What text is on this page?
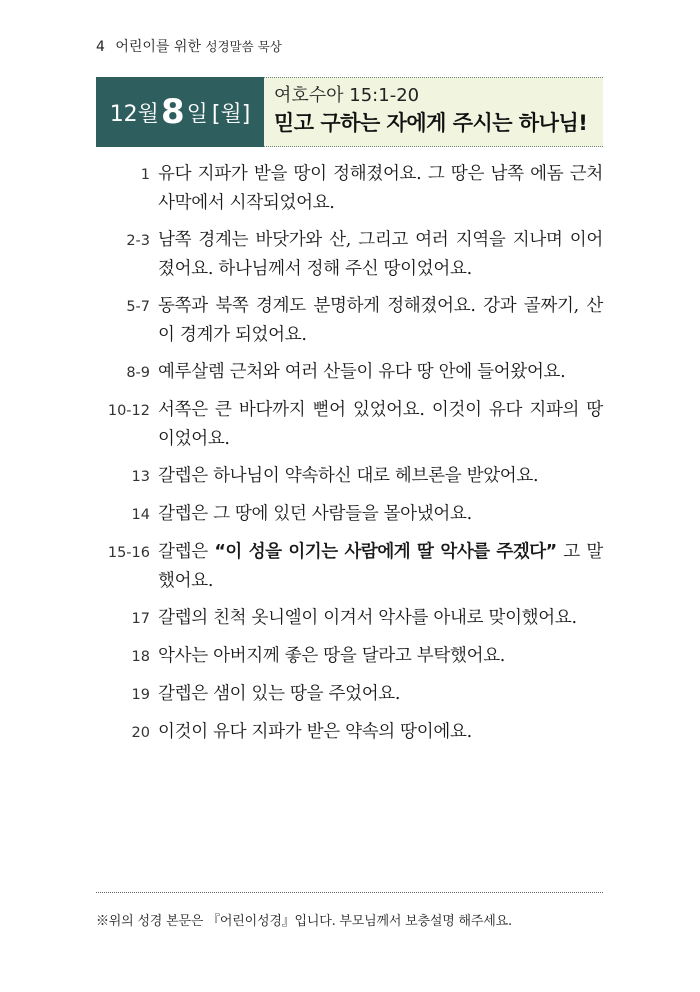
4 어린이를 위한 성경말씀 묵상
12월 8 일 [월]
여호수아 15:1-20
믿고 구하는 자에게 주시는 하나님!
1 유다 지파가 받을 땅이 정해졌어요. 그 땅은 남쪽 에돔 근처 사막에서 시작되었어요.
2-3 남쪽 경계는 바닷가와 산, 그리고 여러 지역을 지나며 이어졌어요. 하나님께서 정해 주신 땅이었어요.
5-7 동쪽과 북쪽 경계도 분명하게 정해졌어요. 강과 골짜기, 산이 경계가 되었어요.
8-9 예루살렘 근처와 여러 산들이 유다 땅 안에 들어왔어요.
10-12 서쪽은 큰 바다까지 뻗어 있었어요. 이것이 유다 지파의 땅이었어요.
13 갈렙은 하나님이 약속하신 대로 헤브론을 받았어요.
14 갈렙은 그 땅에 있던 사람들을 몰아냈어요.
15-16 갈렙은 “이 성을 이기는 사람에게 딸 악사를 주겠다” 고 말했어요.
17 갈렙의 친척 옷니엘이 이겨서 악사를 아내로 맞이했어요.
18 악사는 아버지께 좋은 땅을 달라고 부탁했어요.
19 갈렙은 샘이 있는 땅을 주었어요.
20 이것이 유다 지파가 받은 약속의 땅이에요.
※위의 성경 본문은 『어린이성경』입니다. 부모님께서 보충설명 해주세요.
